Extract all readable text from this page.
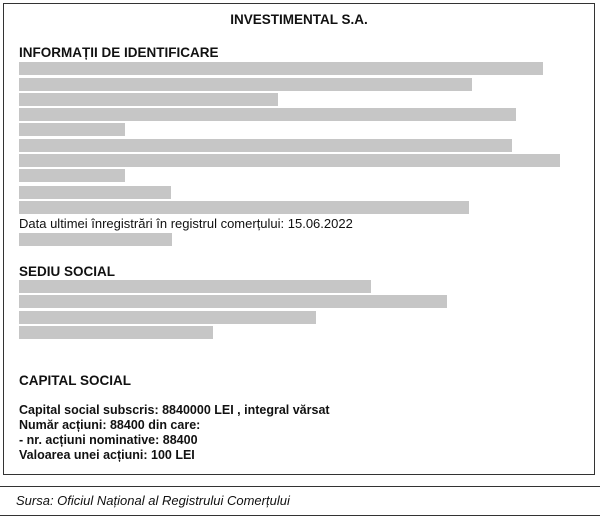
INVESTIMENTAL S.A.
INFORMAȚII DE IDENTIFICARE
Data ultimei înregistrări în registrul comerțului: 15.06.2022
SEDIU SOCIAL
CAPITAL SOCIAL
Capital social subscris: 8840000 LEI , integral vărsat
Număr acțiuni: 88400 din care:
- nr. acțiuni nominative: 88400
Valoarea unei acțiuni: 100 LEI
Sursa: Oficiul Național al Registrului Comerțului
